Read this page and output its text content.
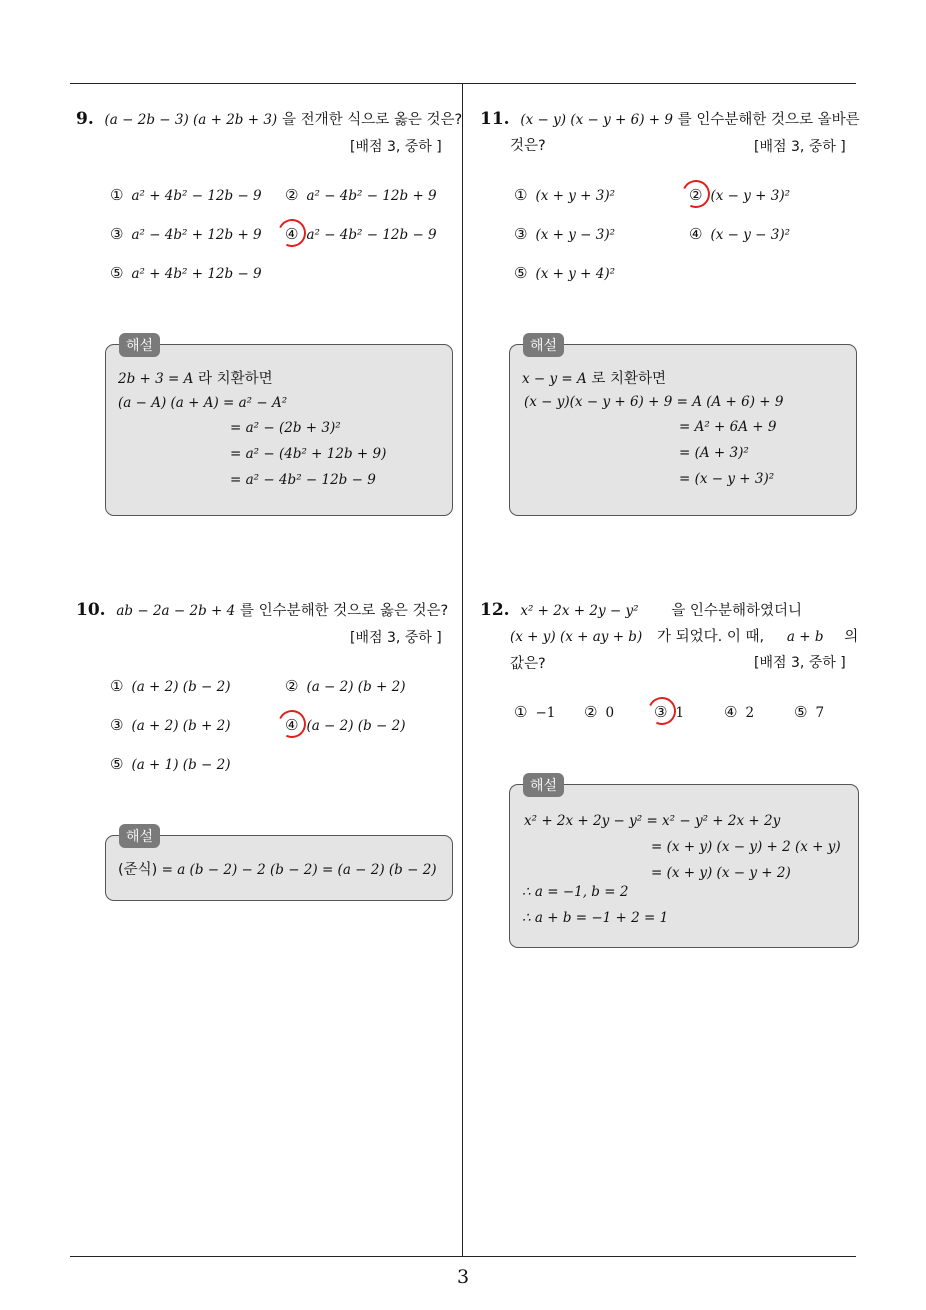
3
9. (a − 2b − 3) (a + 2b + 3) 을 전개한 식으로 옳은 것은?
[배점 3, 중하 ]
① a² + 4b² − 12b − 9 ② a² − 4b² − 12b + 9
③ a² − 4b² + 12b + 9 ④ a² − 4b² − 12b − 9
⑤ a² + 4b² + 12b − 9
해설
2b + 3 = A 라 치환하면
(a − A) (a + A) = a² − A²
= a² − (2b + 3)²
= a² − (4b² + 12b + 9)
= a² − 4b² − 12b − 9
10. ab − 2a − 2b + 4 를 인수분해한 것으로 옳은 것은?
[배점 3, 중하 ]
① (a + 2) (b − 2)	② (a − 2) (b + 2)
③ (a + 2) (b + 2)	④ (a − 2) (b − 2)
⑤ (a + 1) (b − 2)
해설
(준식) = a (b − 2) − 2 (b − 2) = (a − 2) (b − 2)
11. (x − y) (x − y + 6) + 9 를 인수분해한 것으로 올바른
것은?	[배점 3, 중하 ]
① (x + y + 3)²	② (x − y + 3)²
③ (x + y − 3)²	④ (x − y − 3)²
⑤ (x + y + 4)²
해설
x − y = A 로 치환하면
(x − y)(x − y + 6) + 9 = A (A + 6) + 9
= A² + 6A + 9
= (A + 3)²
= (x − y + 3)²
12. x² + 2x + 2y − y² 을 인수분해하였더니
(x + y) (x + ay + b) 가 되었다. 이 때, a + b 의
값은?	[배점 3, 중하 ]
① −1 ② 0	③ 1	④ 2	⑤ 7
해설
x² + 2x + 2y − y² = x² − y² + 2x + 2y
= (x + y) (x − y) + 2 (x + y)
= (x + y) (x − y + 2)
∴ a = −1, b = 2
∴ a + b = −1 + 2 = 1
